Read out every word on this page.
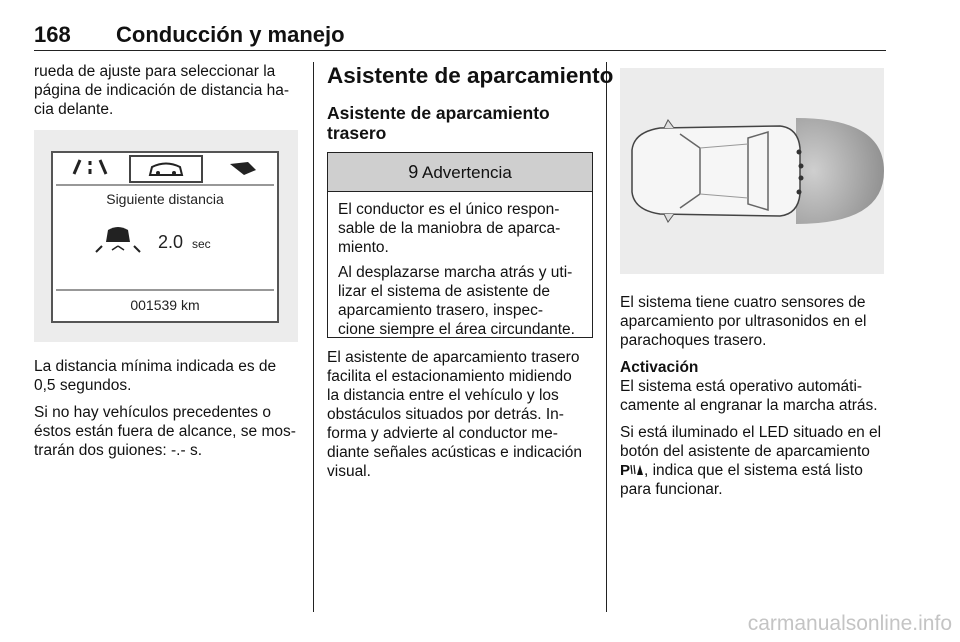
168 Conducción y manejo

rueda de ajuste para seleccionar la
página de indicación de distancia ha-
cia delante.

Siguiente distancia
2.0 sec
001539 km

La distancia mínima indicada es de
0,5 segundos.

Si no hay vehículos precedentes o
éstos están fuera de alcance, se mos-
trarán dos guiones: -.- s.

Asistente de aparcamiento
Asistente de aparcamiento
trasero
9 Advertencia

El conductor es el único respon-
sable de la maniobra de aparca-
miento.

Al desplazarse marcha atrás y uti-
lizar el sistema de asistente de
aparcamiento trasero, inspec-
cione siempre el área circundante.

El asistente de aparcamiento trasero
facilita el estacionamiento midiendo
la distancia entre el vehículo y los
obstáculos situados por detrás. In-
forma y advierte al conductor me-
diante señales acústicas e indicación
visual.

El sistema tiene cuatro sensores de
aparcamiento por ultrasonidos en el
parachoques trasero.

Activación

El sistema está operativo automáti-
camente al engranar la marcha atrás.

Si está iluminado el LED situado en el
botón del asistente de aparcamiento

P , indica que el sistema está listo
para funcionar.

carmanualsonline.info
